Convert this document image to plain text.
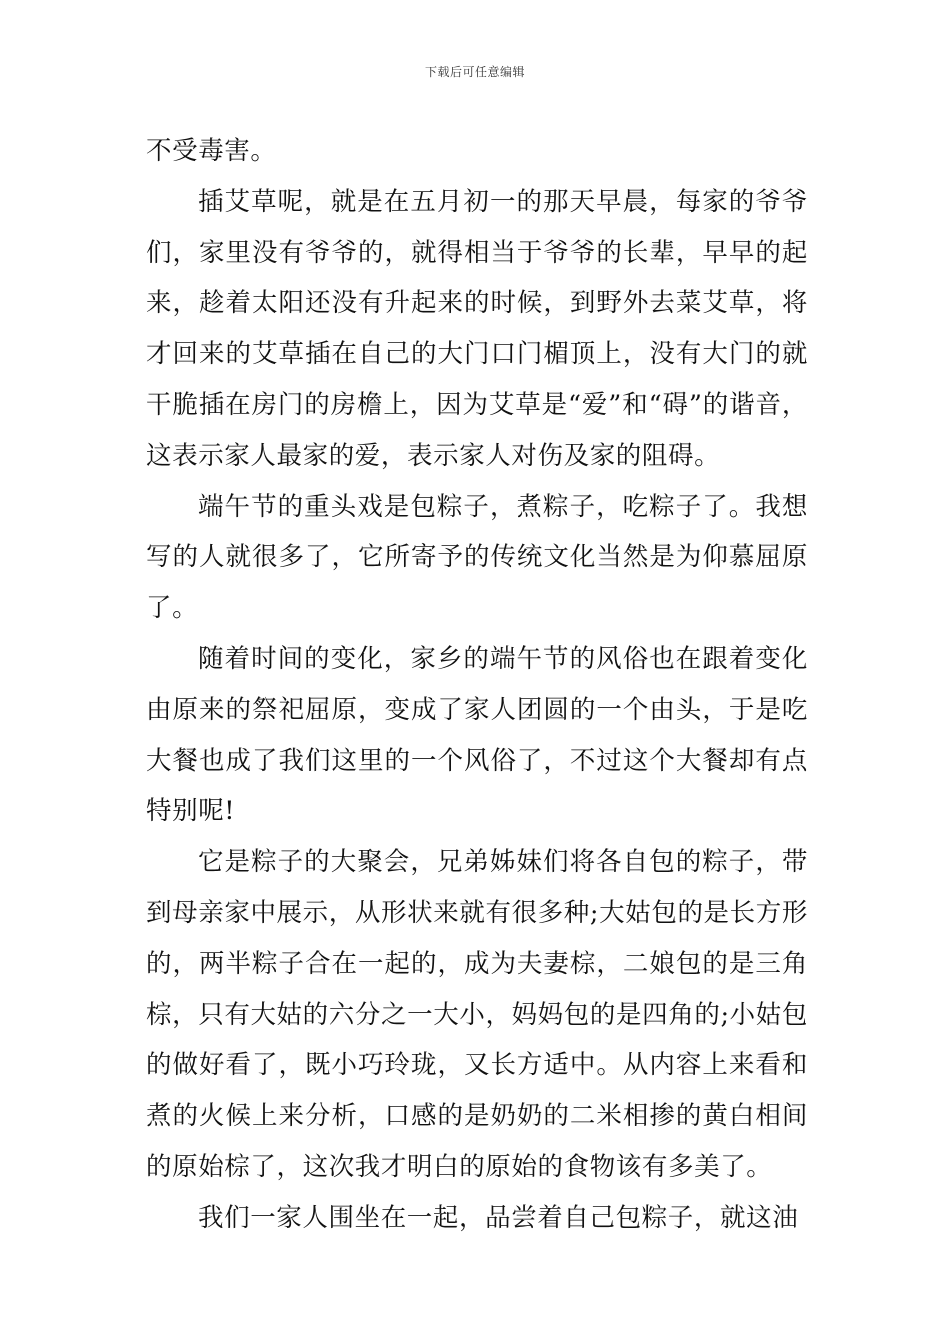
下载后可任意编辑

不受毒害。

插艾草呢，就是在五月初一的那天早晨，每家的爷爷们，家里没有爷爷的，就得相当于爷爷的长辈，早早的起来，趁着太阳还没有升起来的时候，到野外去菜艾草，将才回来的艾草插在自己的大门口门楣顶上，没有大门的就干脆插在房门的房檐上，因为艾草是“爱”和“碍”的谐音，这表示家人最家的爱，表示家人对伤及家的阻碍。

端午节的重头戏是包粽子，煮粽子，吃粽子了。我想写的人就很多了，它所寄予的传统文化当然是为仰慕屈原了。

随着时间的变化，家乡的端午节的风俗也在跟着变化由原来的祭祀屈原，变成了家人团圆的一个由头，于是吃大餐也成了我们这里的一个风俗了，不过这个大餐却有点特别呢!

它是粽子的大聚会，兄弟姊妹们将各自包的粽子，带到母亲家中展示，从形状来就有很多种;大姑包的是长方形的，两半粽子合在一起的，成为夫妻棕，二娘包的是三角棕，只有大姑的六分之一大小，妈妈包的是四角的;小姑包的做好看了，既小巧玲珑，又长方适中。从内容上来看和煮的火候上来分析，口感的是奶奶的二米相掺的黄白相间的原始棕了，这次我才明白的原始的食物该有多美了。

我们一家人围坐在一起，品尝着自己包粽子，就这油
